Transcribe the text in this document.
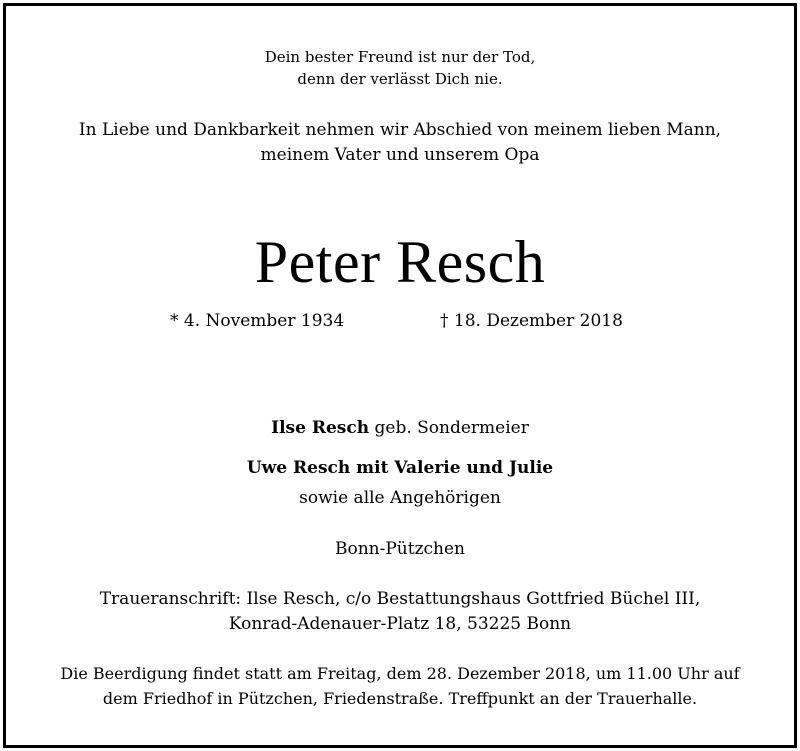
Dein bester Freund ist nur der Tod,
denn der verlässt Dich nie.
In Liebe und Dankbarkeit nehmen wir Abschied von meinem lieben Mann,
meinem Vater und unserem Opa
Peter Resch
* 4. November 1934	† 18. Dezember 2018
Ilse Resch geb. Sondermeier
Uwe Resch mit Valerie und Julie
sowie alle Angehörigen
Bonn-Pützchen
Traueranschrift: Ilse Resch, c/o Bestattungshaus Gottfried Büchel III,
Konrad-Adenauer-Platz 18, 53225 Bonn
Die Beerdigung findet statt am Freitag, dem 28. Dezember 2018, um 11.00 Uhr auf
dem Friedhof in Pützchen, Friedenstraße. Treffpunkt an der Trauerhalle.
